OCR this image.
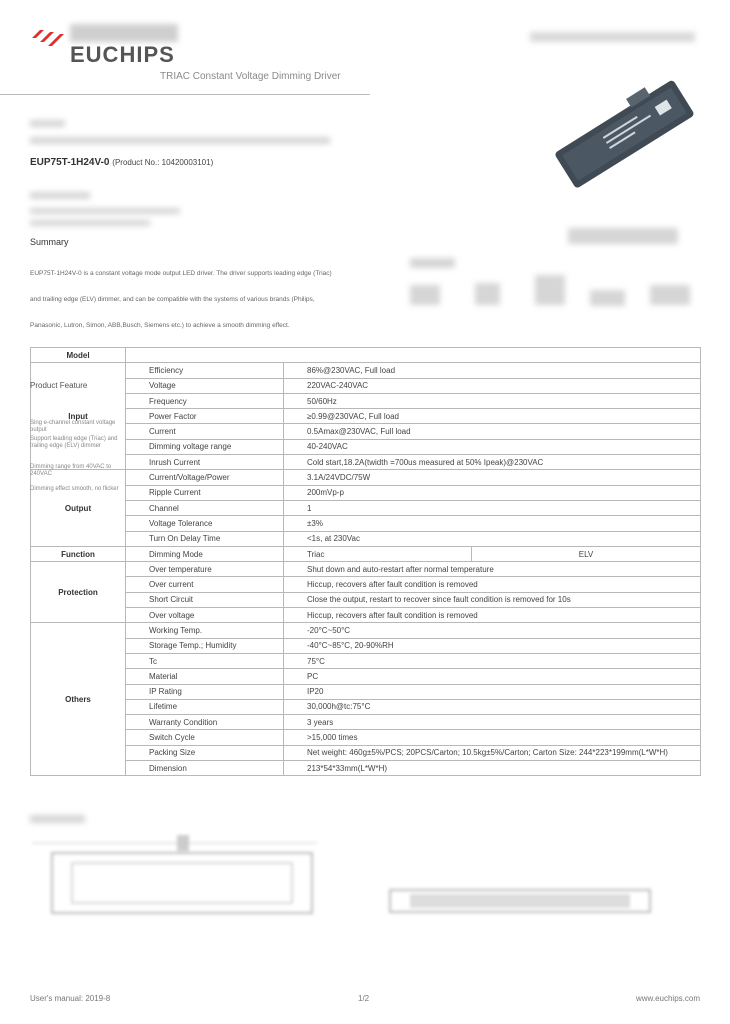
EUCHIPS
TRIAC Constant Voltage Dimming Driver
EUP75T-1H24V-0 (Product No.: 10420003101)
Summary
EUP75T-1H24V-0 is a constant voltage mode output LED driver. The driver supports leading edge (Triac)
and trailing edge (ELV) dimmer, and can be compatible with the systems of various brands (Philips,
Panasonic, Lutron, Simon, ABB,Busch, Siemens etc.) to achieve a smooth dimming effect.
Model			
Input	Efficiency	86%@230VAC, Full load	
	Voltage	220VAC-240VAC	
	Frequency	50/60Hz	
	Power Factor	≥0.99@230VAC, Full load	
	Current	0.5Amax@230VAC, Full load	
	Dimming voltage range	40-240VAC	
	Inrush Current	Cold start,18.2A(twidth =700us measured at 50% Ipeak)@230VAC	
Output	Current/Voltage/Power	3.1A/24VDC/75W	
	Ripple Current	200mVp-p	
	Channel	1	
	Voltage Tolerance	±3%	
	Turn On Delay Time	<1s, at 230Vac	
Function	Dimming Mode	Triac	ELV
Protection	Over temperature	Shut down and auto-restart after normal temperature	
	Over current	Hiccup, recovers after fault condition is removed	
	Short Circuit	Close the output, restart to recover since fault condition is removed for 10s	
	Over voltage	Hiccup, recovers after fault condition is removed	
Others	Working Temp.	-20°C~50°C	
	Storage Temp.; Humidity	-40°C~85°C, 20-90%RH	
	Tc	75°C	
	Material	PC	
	IP Rating	IP20	
	Lifetime	30,000h@tc:75°C	
	Warranty Condition	3 years	
	Switch Cycle	>15,000 times	
	Packing Size	Net weight: 460g±5%/PCS; 20PCS/Carton; 10.5kg±5%/Carton; Carton Size: 244*223*199mm(L*W*H)	
	Dimension	213*54*33mm(L*W*H)	
Product Feature
Sing e-channel constant voltage output
Support leading edge (Triac) and trailing edge (ELV) dimmer
Dimming range from 40VAC to 240VAC
Dimming effect smooth, no flicker
User's manual: 2019-8	1/2	www.euchips.com
